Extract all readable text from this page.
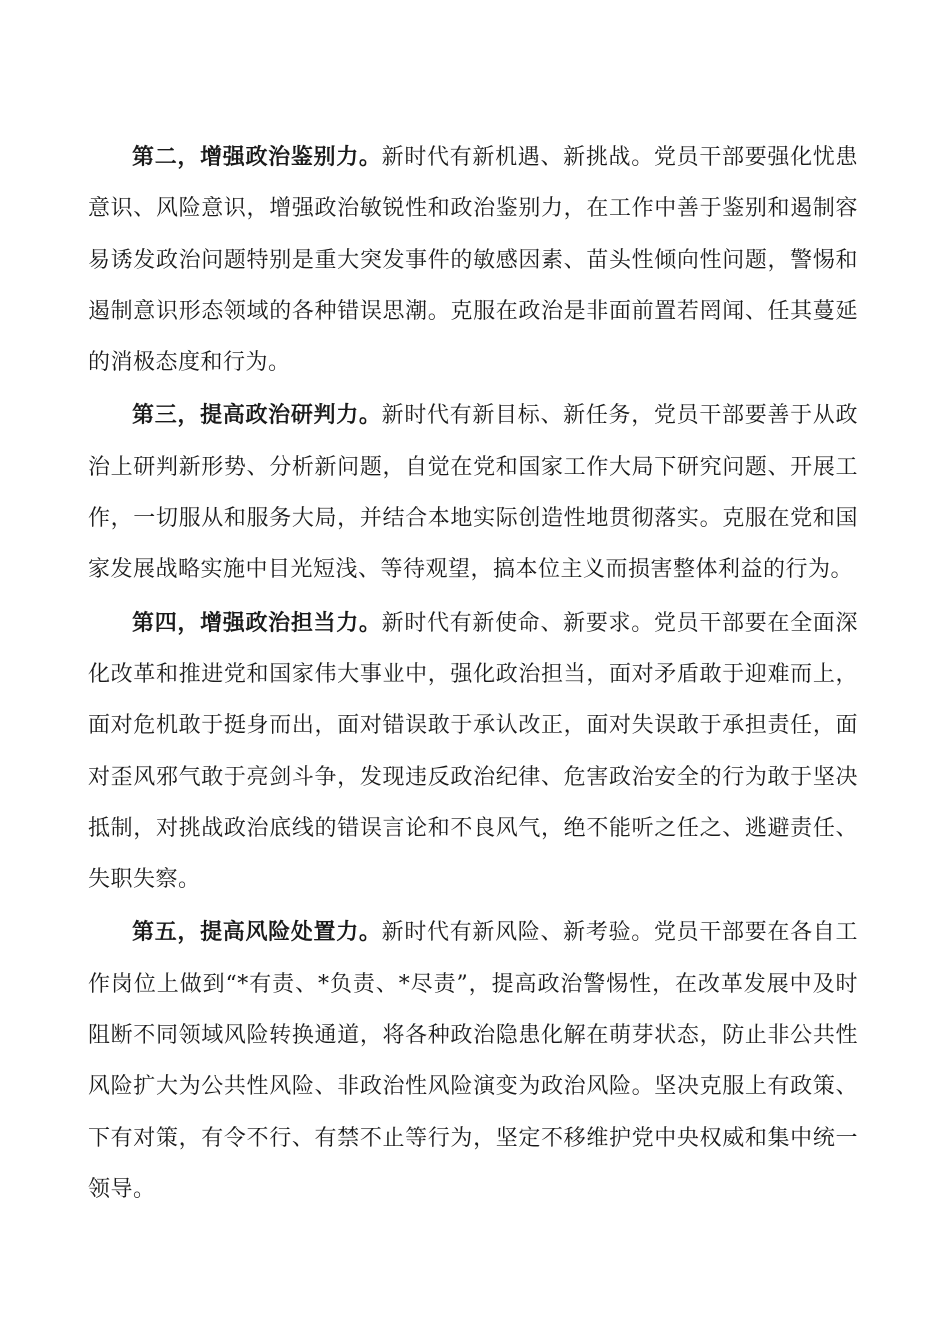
第二，增强政治鉴别力。新时代有新机遇、新挑战。党员干部要强化忧患意识、风险意识，增强政治敏锐性和政治鉴别力，在工作中善于鉴别和遏制容易诱发政治问题特别是重大突发事件的敏感因素、苗头性倾向性问题，警惕和遏制意识形态领域的各种错误思潮。克服在政治是非面前置若罔闻、任其蔓延的消极态度和行为。

第三，提高政治研判力。新时代有新目标、新任务，党员干部要善于从政治上研判新形势、分析新问题，自觉在党和国家工作大局下研究问题、开展工作，一切服从和服务大局，并结合本地实际创造性地贯彻落实。克服在党和国家发展战略实施中目光短浅、等待观望，搞本位主义而损害整体利益的行为。

第四，增强政治担当力。新时代有新使命、新要求。党员干部要在全面深化改革和推进党和国家伟大事业中，强化政治担当，面对矛盾敢于迎难而上，面对危机敢于挺身而出，面对错误敢于承认改正，面对失误敢于承担责任，面对歪风邪气敢于亮剑斗争，发现违反政治纪律、危害政治安全的行为敢于坚决抵制，对挑战政治底线的错误言论和不良风气，绝不能听之任之、逃避责任、失职失察。

第五，提高风险处置力。新时代有新风险、新考验。党员干部要在各自工作岗位上做到“*有责、*负责、*尽责”，提高政治警惕性，在改革发展中及时阻断不同领域风险转换通道，将各种政治隐患化解在萌芽状态，防止非公共性风险扩大为公共性风险、非政治性风险演变为政治风险。坚决克服上有政策、下有对策，有令不行、有禁不止等行为，坚定不移维护党中央权威和集中统一领导。
